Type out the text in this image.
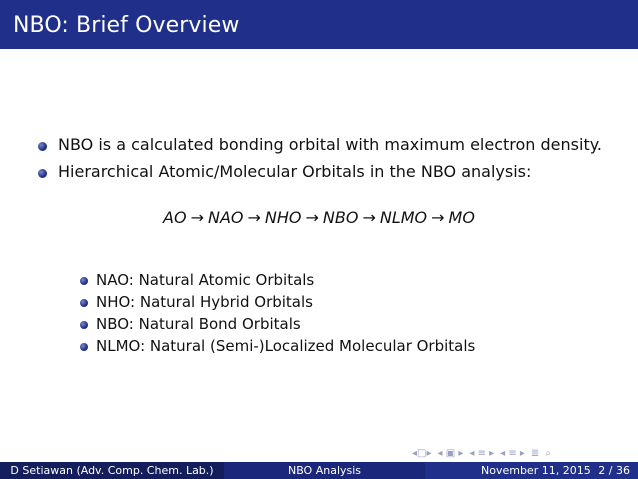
NBO: Brief Overview
NBO is a calculated bonding orbital with maximum electron density.
Hierarchical Atomic/Molecular Orbitals in the NBO analysis:
AO → NAO → NHO → NBO → NLMO → MO
NAO: Natural Atomic Orbitals
NHO: Natural Hybrid Orbitals
NBO: Natural Bond Orbitals
NLMO: Natural (Semi-)Localized Molecular Orbitals
◂□▸ ◂ ▣ ▸ ◂ ≡ ▸ ◂ ≡ ▸ ≣ ⌕
D Setiawan (Adv. Comp. Chem. Lab.)	NBO Analysis	November 11, 2015 2 / 36
